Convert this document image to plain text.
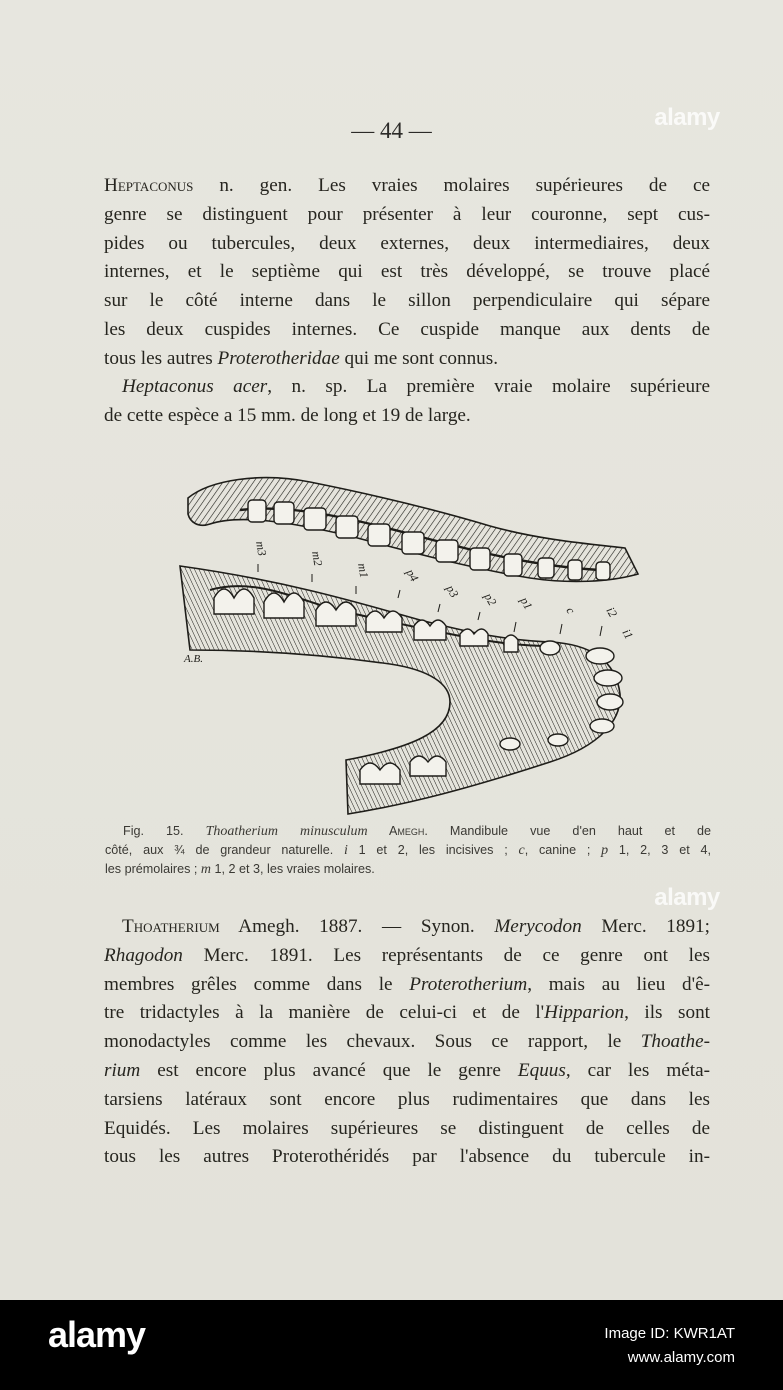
— 44 —
Heptaconus n. gen. Les vraies molaires supérieures de ce
genre se distinguent pour présenter à leur couronne, sept cus-
pides ou tubercules, deux externes, deux intermediaires, deux
internes, et le septième qui est très développé, se trouve placé
sur le côté interne dans le sillon perpendiculaire qui sépare
les deux cuspides internes. Ce cuspide manque aux dents de
tous les autres Proterotheridae qui me sont connus.
Heptaconus acer, n. sp. La première vraie molaire supérieure
de cette espèce a 15 mm. de long et 19 de large.
m3
m2
m1	p4
p3 p2 p1 c i2
i1
A.B.
Fig. 15. Thoatherium minusculum Amegh. Mandibule vue d'en haut et de
côté, aux ¾ de grandeur naturelle. i 1 et 2, les incisives ; c, canine ; p 1, 2, 3 et 4,
les prémolaires ; m 1, 2 et 3, les vraies molaires.
Thoatherium Amegh. 1887. — Synon. Merycodon Merc. 1891;
Rhagodon Merc. 1891. Les représentants de ce genre ont les
membres grêles comme dans le Proterotherium, mais au lieu d'ê-
tre tridactyles à la manière de celui-ci et de l'Hipparion, ils sont
monodactyles comme les chevaux. Sous ce rapport, le Thoathe-
rium est encore plus avancé que le genre Equus, car les méta-
tarsiens latéraux sont encore plus rudimentaires que dans les
Equidés. Les molaires supérieures se distinguent de celles de
tous les autres Proterothéridés par l'absence du tubercule in-
alamy
alamy
alamy	Image ID: KWR1AT
www.alamy.com
